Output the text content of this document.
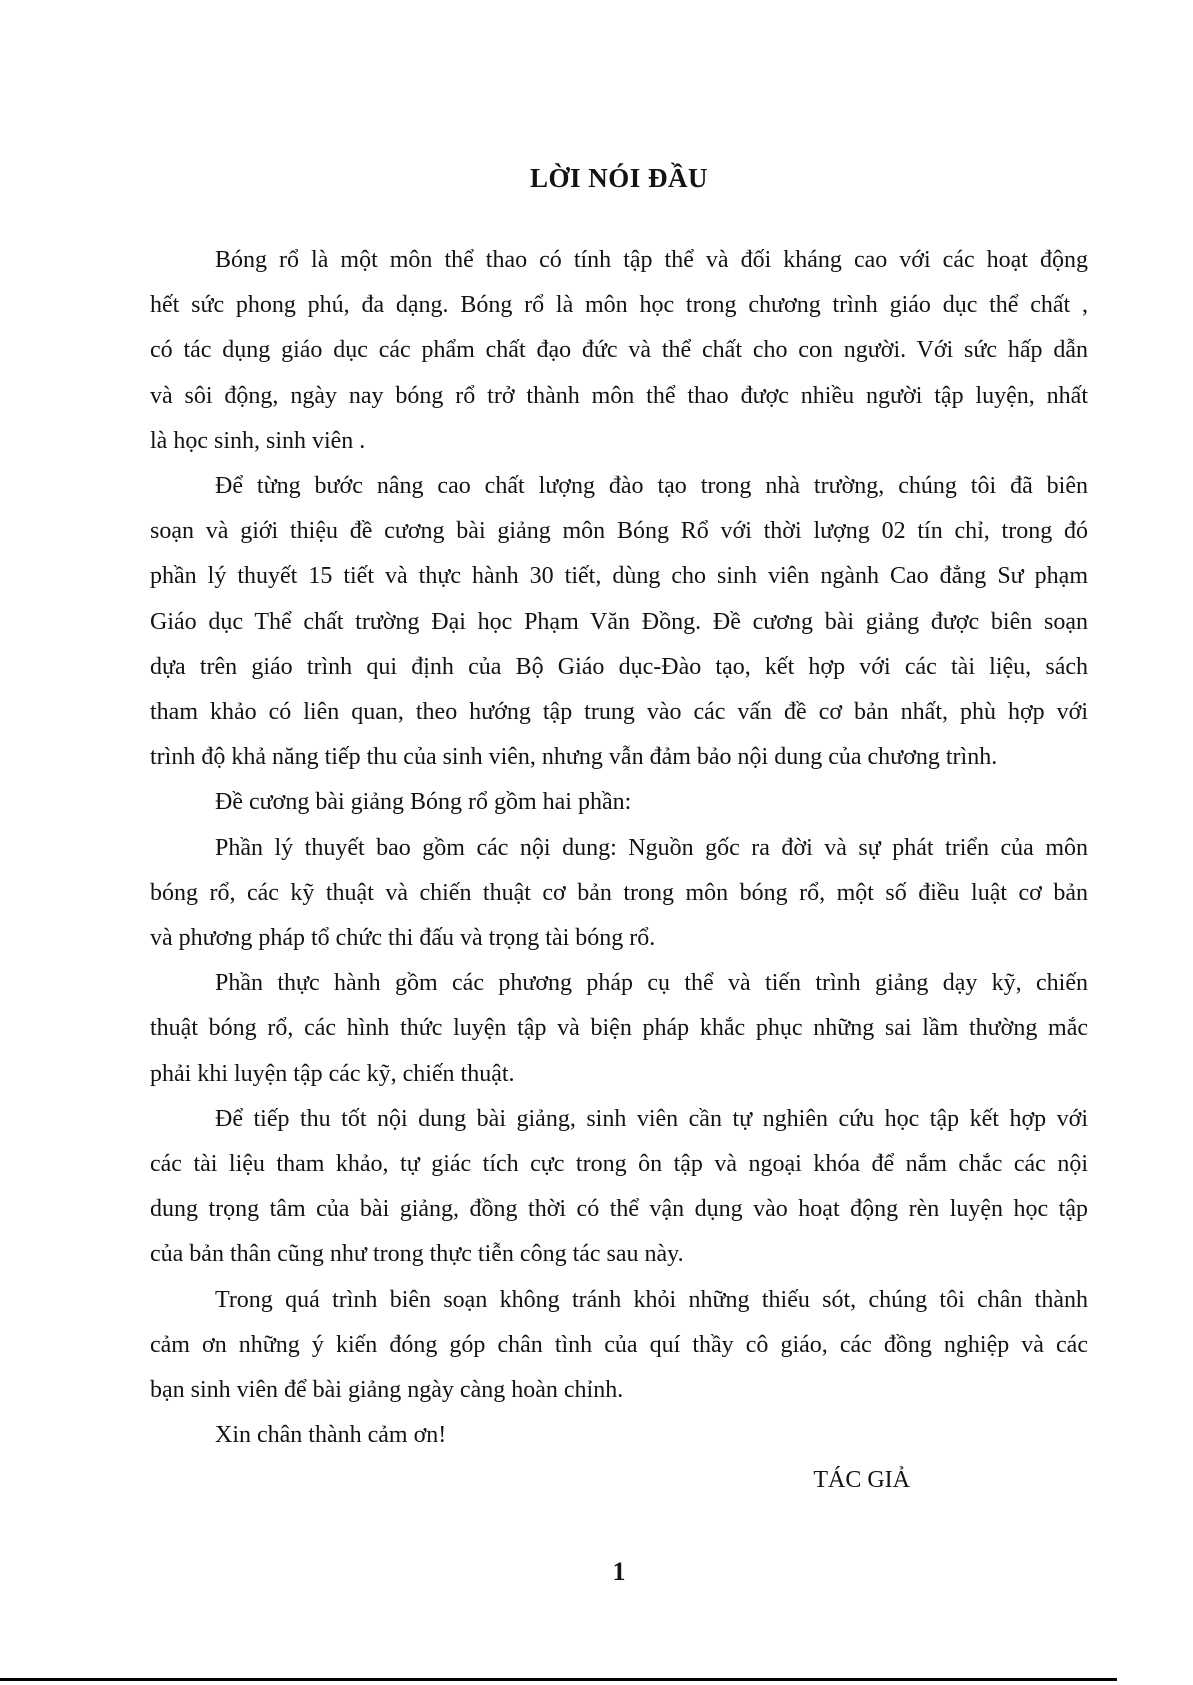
LỜI NÓI ĐẦU

Bóng rổ là một môn thể thao có tính tập thể và đối kháng cao với các hoạt động
hết sức phong phú, đa dạng. Bóng rổ là môn học trong chương trình giáo dục thể chất ,
có tác dụng giáo dục các phẩm chất đạo đức và thể chất cho con người. Với sức hấp dẫn
và sôi động, ngày nay bóng rổ trở thành môn thể thao được nhiều người tập luyện, nhất
là học sinh, sinh viên .

Để từng bước nâng cao chất lượng đào tạo trong nhà trường, chúng tôi đã biên
soạn và giới thiệu đề cương bài giảng môn Bóng Rổ với thời lượng 02 tín chỉ, trong đó
phần lý thuyết 15 tiết và thực hành 30 tiết, dùng cho sinh viên ngành Cao đẳng Sư phạm
Giáo dục Thể chất trường Đại học Phạm Văn Đồng. Đề cương bài giảng được biên soạn
dựa trên giáo trình qui định của Bộ Giáo dục-Đào tạo, kết hợp với các tài liệu, sách
tham khảo có liên quan, theo hướng tập trung vào các vấn đề cơ bản nhất, phù hợp với
trình độ khả năng tiếp thu của sinh viên, nhưng vẫn đảm bảo nội dung của chương trình.

Đề cương bài giảng Bóng rổ gồm hai phần:

Phần lý thuyết bao gồm các nội dung: Nguồn gốc ra đời và sự phát triển của môn
bóng rổ, các kỹ thuật và chiến thuật cơ bản trong môn bóng rổ, một số điều luật cơ bản
và phương pháp tổ chức thi đấu và trọng tài bóng rổ.

Phần thực hành gồm các phương pháp cụ thể và tiến trình giảng dạy kỹ, chiến
thuật bóng rổ, các hình thức luyện tập và biện pháp khắc phục những sai lầm thường mắc
phải khi luyện tập các kỹ, chiến thuật.

Để tiếp thu tốt nội dung bài giảng, sinh viên cần tự nghiên cứu học tập kết hợp với
các tài liệu tham khảo, tự giác tích cực trong ôn tập và ngoại khóa để nắm chắc các nội
dung trọng tâm của bài giảng, đồng thời có thể vận dụng vào hoạt động rèn luyện học tập
của bản thân cũng như trong thực tiễn công tác sau này.

Trong quá trình biên soạn không tránh khỏi những thiếu sót, chúng tôi chân thành
cảm ơn những ý kiến đóng góp chân tình của quí thầy cô giáo, các đồng nghiệp và các
bạn sinh viên để bài giảng ngày càng hoàn chỉnh.

Xin chân thành cảm ơn!

TÁC GIẢ
1
